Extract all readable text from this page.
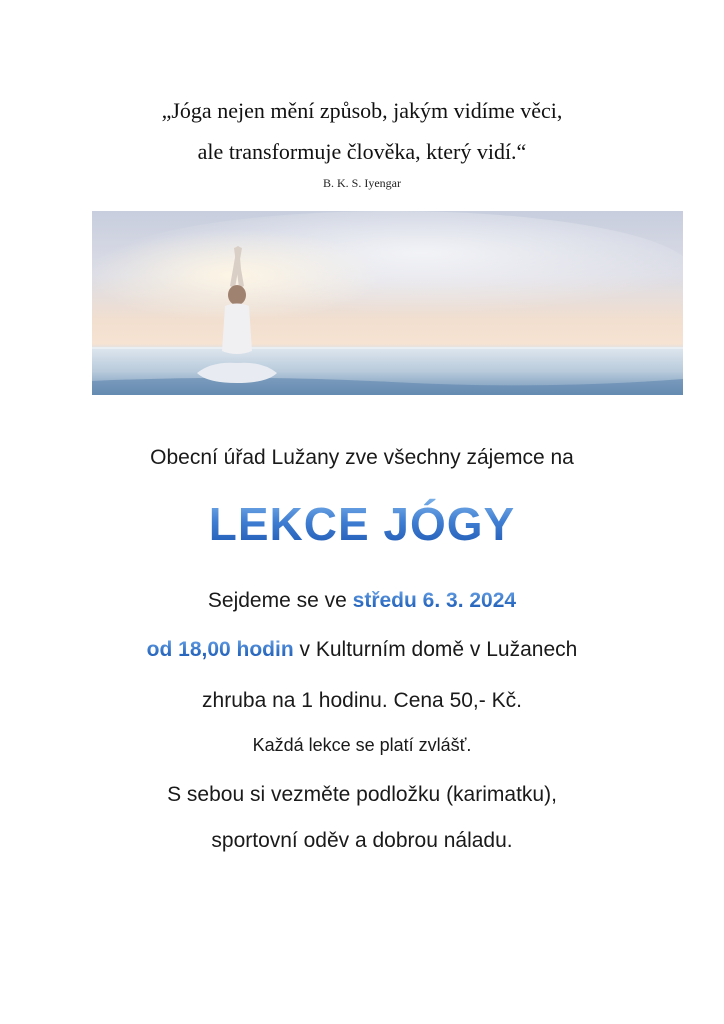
„Jóga nejen mění způsob, jakým vidíme věci,
ale transformuje člověka, který vidí.“
B. K. S. Iyengar
Obecní úřad Lužany zve všechny zájemce na
LEKCE JÓGY
Sejdeme se ve středu 6. 3. 2024
od 18,00 hodin v Kulturním domě v Lužanech
zhruba na 1 hodinu. Cena 50,- Kč.
Každá lekce se platí zvlášť.
S sebou si vezměte podložku (karimatku),
sportovní oděv a dobrou náladu.
